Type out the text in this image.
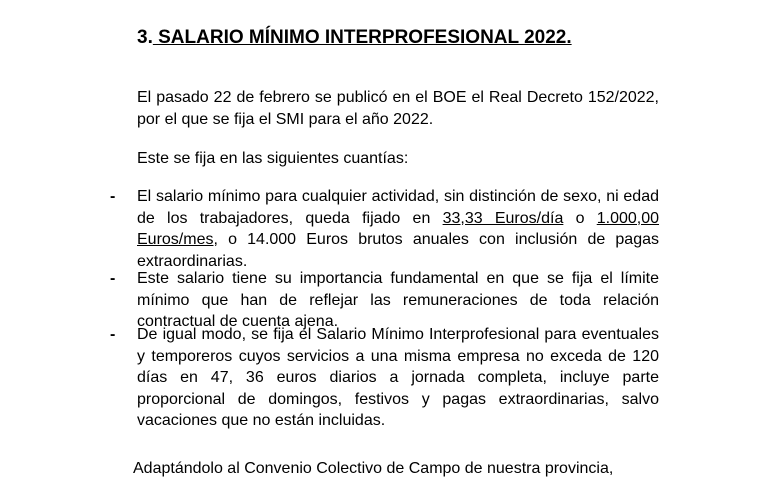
3. SALARIO MÍNIMO INTERPROFESIONAL 2022.
El pasado 22 de febrero se publicó en el BOE el Real Decreto 152/2022, por el que se fija el SMI para el año 2022.
Este se fija en las siguientes cuantías:
- El salario mínimo para cualquier actividad, sin distinción de sexo, ni edad de los trabajadores, queda fijado en 33,33 Euros/día o 1.000,00 Euros/mes, o 14.000 Euros brutos anuales con inclusión de pagas extraordinarias.
- Este salario tiene su importancia fundamental en que se fija el límite mínimo que han de reflejar las remuneraciones de toda relación contractual de cuenta ajena.
- De igual modo, se fija el Salario Mínimo Interprofesional para eventuales y temporeros cuyos servicios a una misma empresa no exceda de 120 días en 47, 36 euros diarios a jornada completa, incluye parte proporcional de domingos, festivos y pagas extraordinarias, salvo vacaciones que no están incluidas.
Adaptándolo al Convenio Colectivo de Campo de nuestra provincia,
